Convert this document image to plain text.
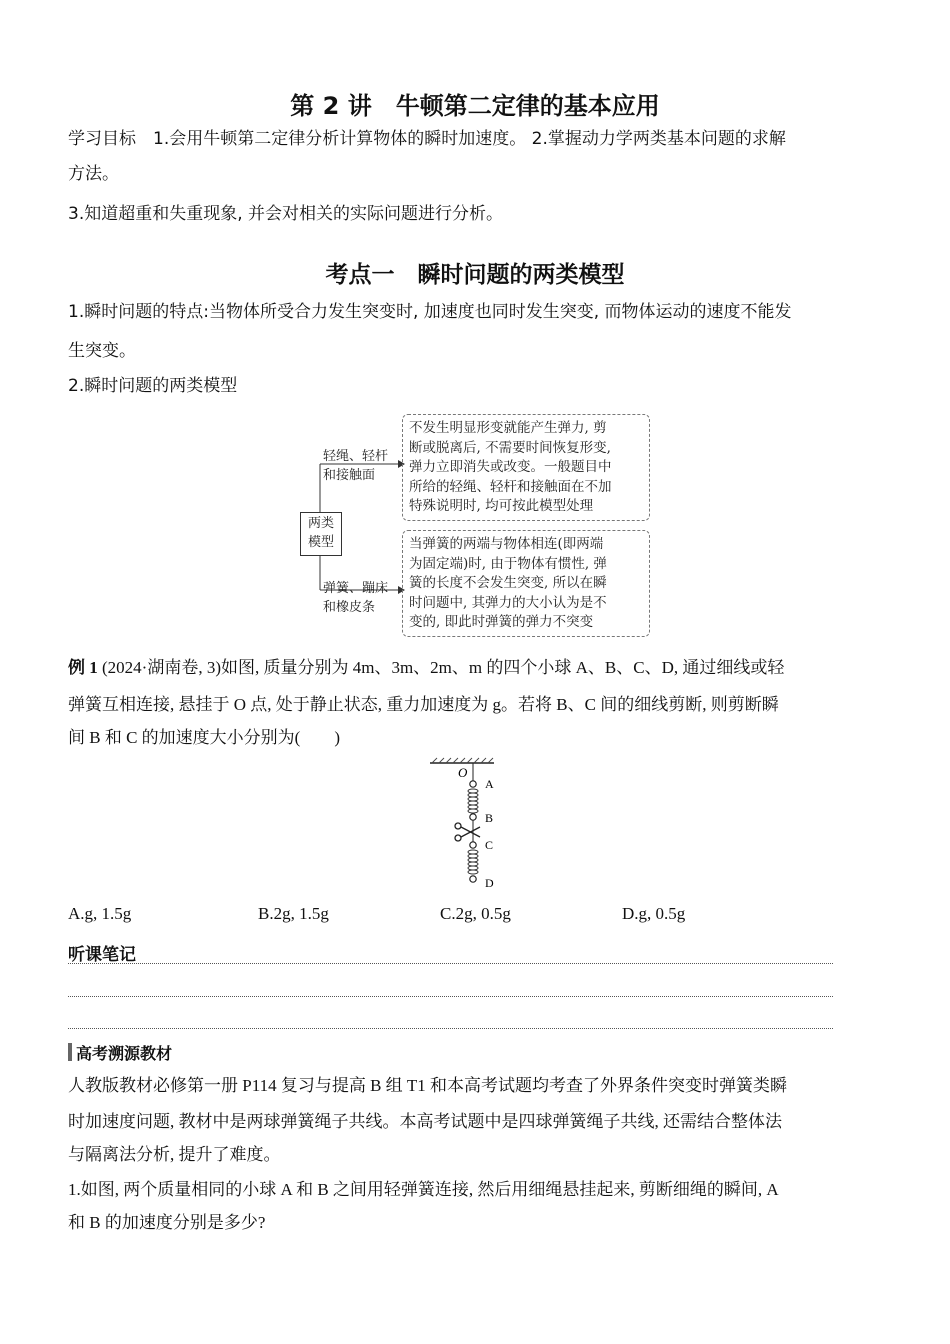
第 2 讲　牛顿第二定律的基本应用
学习目标　1.会用牛顿第二定律分析计算物体的瞬时加速度。 2.掌握动力学两类基本问题的求解
方法。
3.知道超重和失重现象, 并会对相关的实际问题进行分析。
考点一　瞬时问题的两类模型
1.瞬时问题的特点:当物体所受合力发生突变时, 加速度也同时发生突变, 而物体运动的速度不能发
生突变。
2.瞬时问题的两类模型
两类
模型
轻绳、轻杆
和接触面
弹簧、蹦床
和橡皮条
不发生明显形变就能产生弹力, 剪
断或脱离后, 不需要时间恢复形变,
弹力立即消失或改变。一般题目中
所给的轻绳、轻杆和接触面在不加
特殊说明时, 均可按此模型处理
当弹簧的两端与物体相连(即两端
为固定端)时, 由于物体有惯性, 弹
簧的长度不会发生突变, 所以在瞬
时问题中, 其弹力的大小认为是不
变的, 即此时弹簧的弹力不突变
例 1 (2024·湖南卷, 3)如图, 质量分别为 4m、3m、2m、m 的四个小球 A、B、C、D, 通过细线或轻
弹簧互相连接, 悬挂于 O 点, 处于静止状态, 重力加速度为 g。若将 B、C 间的细线剪断, 则剪断瞬
间 B 和 C 的加速度大小分别为(　　)
O
A
B
C
D
A.g, 1.5g	B.2g, 1.5g	C.2g, 0.5g	D.g, 0.5g
听课笔记
高考溯源教材
人教版教材必修第一册 P114 复习与提高 B 组 T1 和本高考试题均考查了外界条件突变时弹簧类瞬
时加速度问题, 教材中是两球弹簧绳子共线。本高考试题中是四球弹簧绳子共线, 还需结合整体法
与隔离法分析, 提升了难度。
1.如图, 两个质量相同的小球 A 和 B 之间用轻弹簧连接, 然后用细绳悬挂起来, 剪断细绳的瞬间, A
和 B 的加速度分别是多少?
